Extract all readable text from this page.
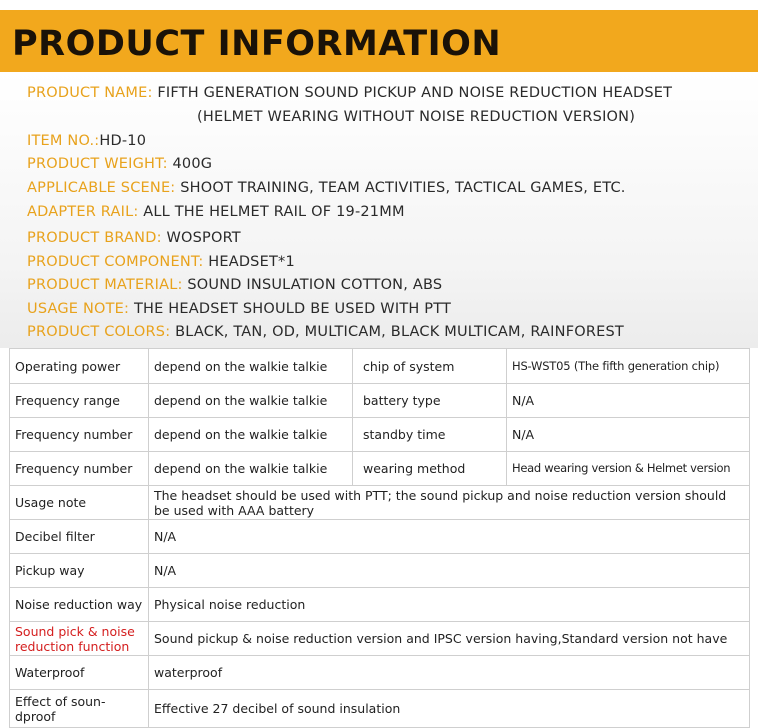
PRODUCT INFORMATION
PRODUCT NAME: FIFTH GENERATION SOUND PICKUP AND NOISE REDUCTION HEADSET
(HELMET WEARING WITHOUT NOISE REDUCTION VERSION)
ITEM NO.:HD-10
PRODUCT WEIGHT: 400G
APPLICABLE SCENE: SHOOT TRAINING, TEAM ACTIVITIES, TACTICAL GAMES, ETC.
ADAPTER RAIL: ALL THE HELMET RAIL OF 19-21MM
PRODUCT BRAND: WOSPORT
PRODUCT COMPONENT: HEADSET*1
PRODUCT MATERIAL: SOUND INSULATION COTTON, ABS
USAGE NOTE: THE HEADSET SHOULD BE USED WITH PTT
PRODUCT COLORS: BLACK, TAN, OD, MULTICAM, BLACK MULTICAM, RAINFOREST
Operating power	depend on the walkie talkie	chip of system	HS-WST05 (The fifth generation chip)
Frequency range	depend on the walkie talkie	battery type	N/A
Frequency number	depend on the walkie talkie	standby time	N/A
Frequency number	depend on the walkie talkie	wearing method	Head wearing version & Helmet version
Usage note	The headset should be used with PTT; the sound pickup and noise reduction version should be used with AAA battery		
Decibel filter	N/A		
Pickup way	N/A		
Noise reduction way	Physical noise reduction		
Sound pick & noise reduction function	Sound pickup & noise reduction version and IPSC version having,Standard version not have		
Waterproof	waterproof		
Effect of soun-dproof	Effective 27 decibel of sound insulation		
